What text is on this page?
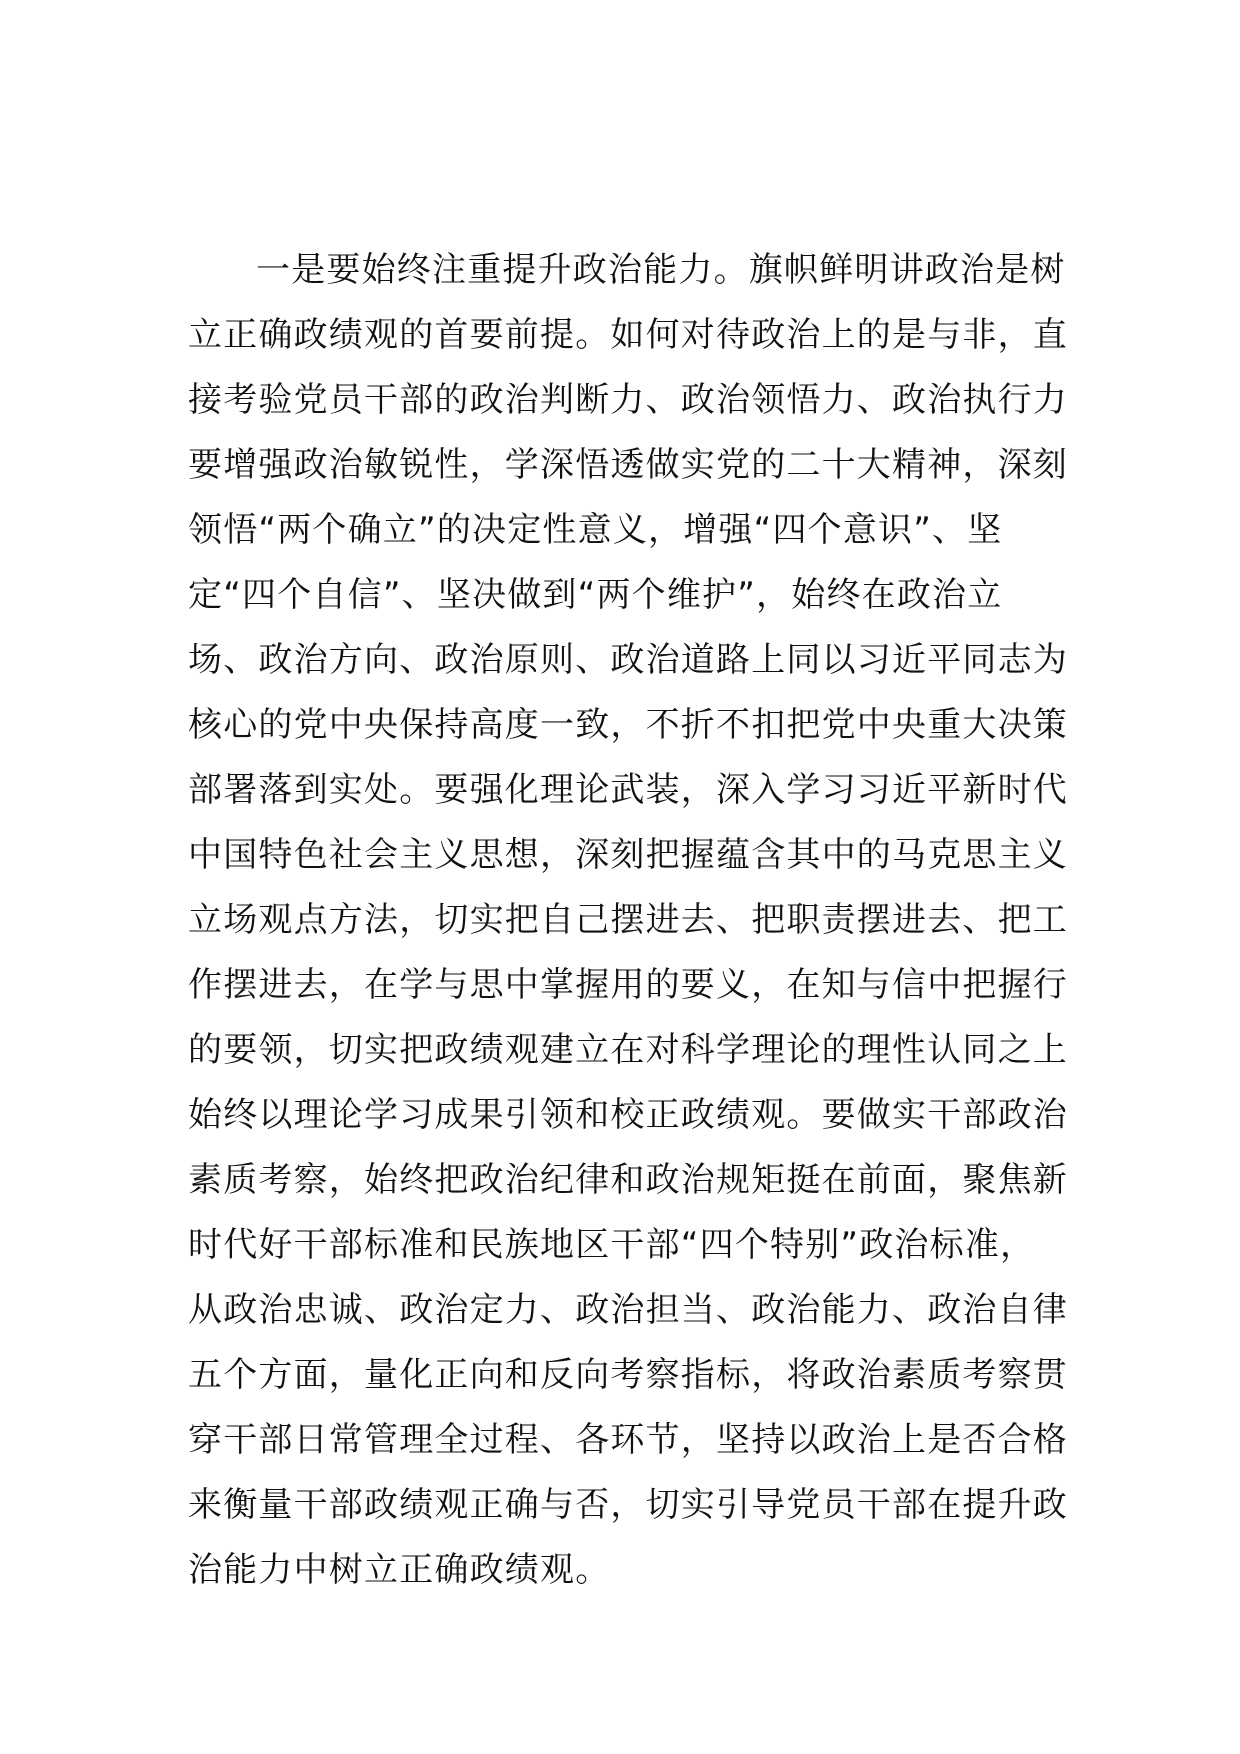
一是要始终注重提升政治能力。旗帜鲜明讲政治是树
立正确政绩观的首要前提。如何对待政治上的是与非，直
接考验党员干部的政治判断力、政治领悟力、政治执行力
要增强政治敏锐性，学深悟透做实党的二十大精神，深刻
领悟“两个确立”的决定性意义，增强“四个意识”、坚
定“四个自信”、坚决做到“两个维护”，始终在政治立
场、政治方向、政治原则、政治道路上同以习近平同志为
核心的党中央保持高度一致，不折不扣把党中央重大决策
部署落到实处。要强化理论武装，深入学习习近平新时代
中国特色社会主义思想，深刻把握蕴含其中的马克思主义
立场观点方法，切实把自己摆进去、把职责摆进去、把工
作摆进去，在学与思中掌握用的要义，在知与信中把握行
的要领，切实把政绩观建立在对科学理论的理性认同之上
始终以理论学习成果引领和校正政绩观。要做实干部政治
素质考察，始终把政治纪律和政治规矩挺在前面，聚焦新
时代好干部标准和民族地区干部“四个特别”政治标准，
从政治忠诚、政治定力、政治担当、政治能力、政治自律
五个方面，量化正向和反向考察指标，将政治素质考察贯
穿干部日常管理全过程、各环节，坚持以政治上是否合格
来衡量干部政绩观正确与否，切实引导党员干部在提升政
治能力中树立正确政绩观。
